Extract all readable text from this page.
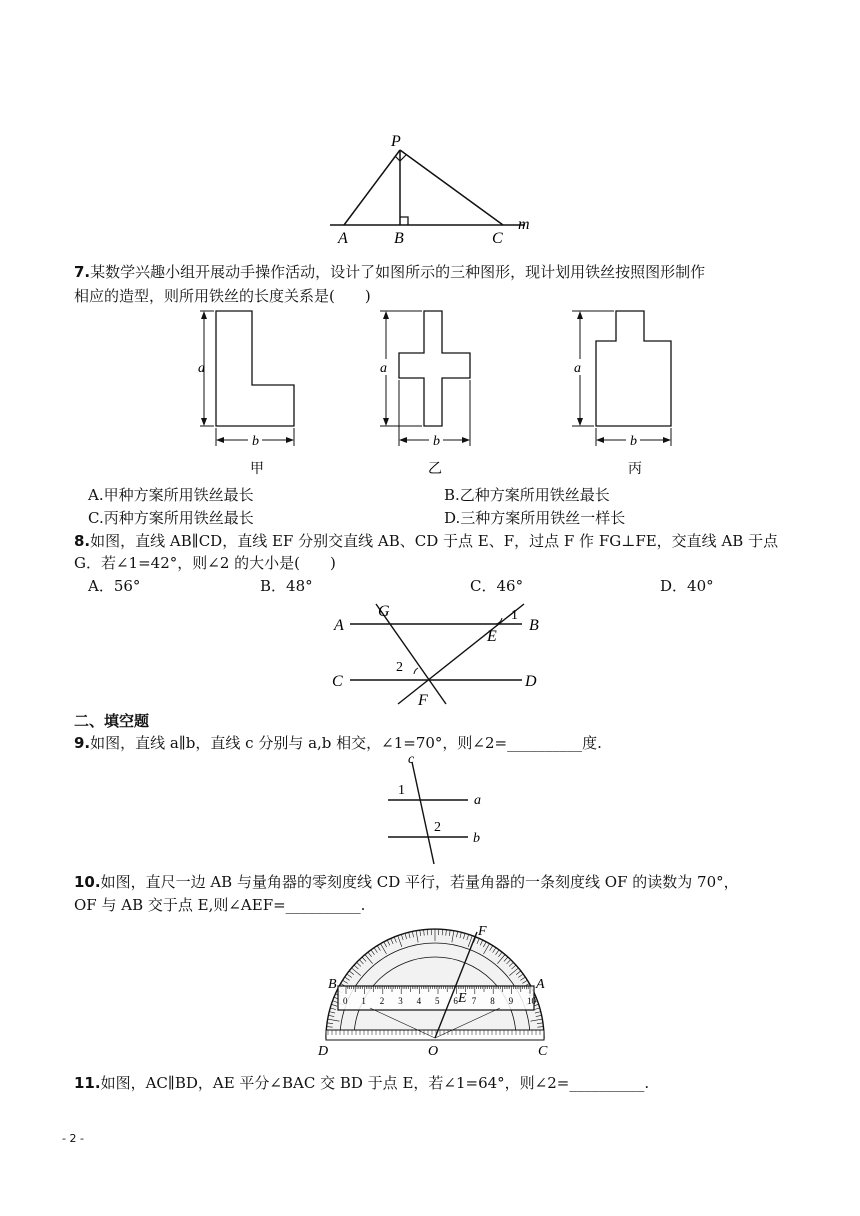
P
A	B	C
m
7.某数学兴趣小组开展动手操作活动，设计了如图所示的三种图形，现计划用铁丝按照图形制作
相应的造型，则所用铁丝的长度关系是(　　)
a
b
甲
a
b
乙
a
b
丙
A.甲种方案所用铁丝最长	B.乙种方案所用铁丝最长
C.丙种方案所用铁丝最长	D.三种方案所用铁丝一样长
8.如图，直线 AB∥CD，直线 EF 分别交直线 AB、CD 于点 E、F，过点 F 作 FG⊥FE，交直线 AB 于点
G．若∠1=42°，则∠2 的大小是(　　)
A．56°	B．48°	C．46°	D．40°
A
G	1
B
E
C
2
D
F
二、填空题
9.如图，直线 a∥b，直线 c 分别与 a,b 相交，∠1=70°，则∠2=__________度.
c
1
a
2
b
10.如图，直尺一边 AB 与量角器的零刻度线 CD 平行，若量角器的一条刻度线 OF 的读数为 70°，
OF 与 AB 交于点 E,则∠AEF=__________.
0 1 2 3 4 5 6 7 8 9 10
F
B	A
E
D	O	C
11.如图，AC∥BD，AE 平分∠BAC 交 BD 于点 E，若∠1=64°，则∠2=__________.
- 2 -
